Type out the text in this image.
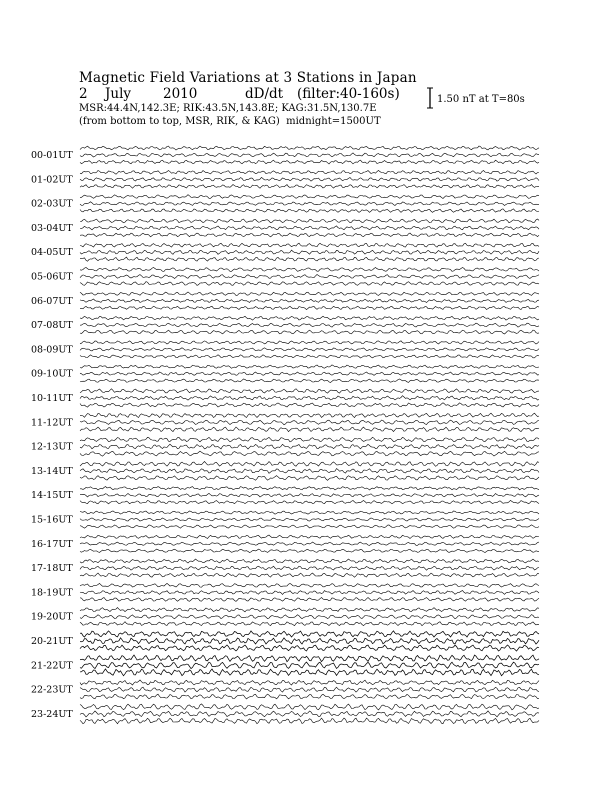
Magnetic Field Variations at 3 Stations in Japan
2 July 2010	dD/dt (filter:40-160s)
MSR:44.4N,142.3E; RIK:43.5N,143.8E; KAG:31.5N,130.7E
(from bottom to top, MSR, RIK, & KAG) midnight=1500UT
1.50 nT at T=80s
00-01UT
01-02UT
02-03UT
03-04UT
04-05UT
05-06UT
06-07UT
07-08UT
08-09UT
09-10UT
10-11UT
11-12UT
12-13UT
13-14UT
14-15UT
15-16UT
16-17UT
17-18UT
18-19UT
19-20UT
20-21UT
21-22UT
22-23UT
23-24UT
